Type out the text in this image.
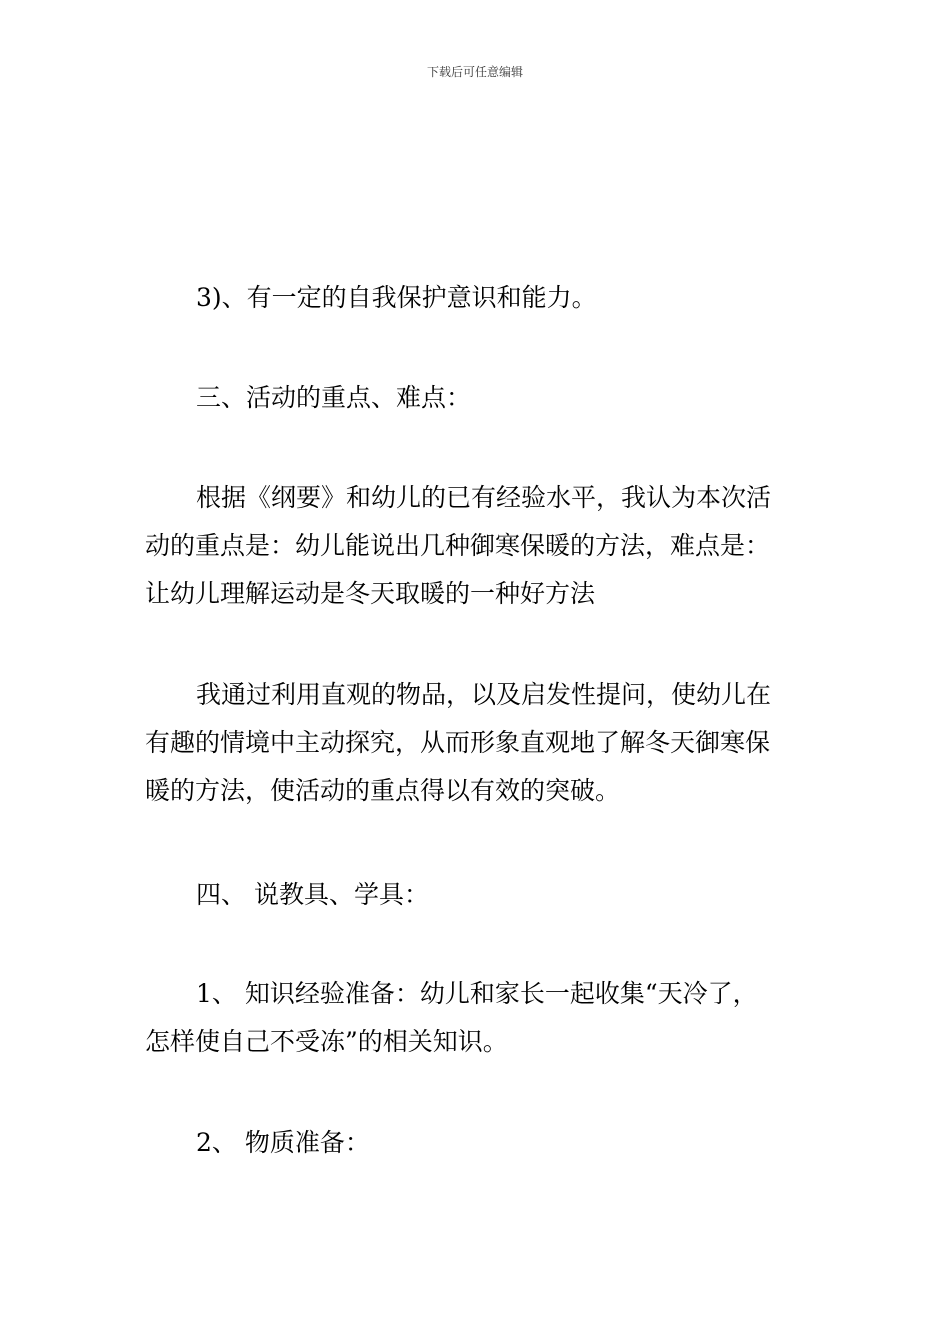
下载后可任意编辑

3)、有一定的自我保护意识和能力。

三、活动的重点、难点：

根据《纲要》和幼儿的已有经验水平，我认为本次活
动的重点是：幼儿能说出几种御寒保暖的方法，难点是：
让幼儿理解运动是冬天取暖的一种好方法

我通过利用直观的物品，以及启发性提问，使幼儿在
有趣的情境中主动探究，从而形象直观地了解冬天御寒保
暖的方法，使活动的重点得以有效的突破。

四、 说教具、学具：

1、 知识经验准备：幼儿和家长一起收集“天冷了，
怎样使自己不受冻”的相关知识。

2、 物质准备：
